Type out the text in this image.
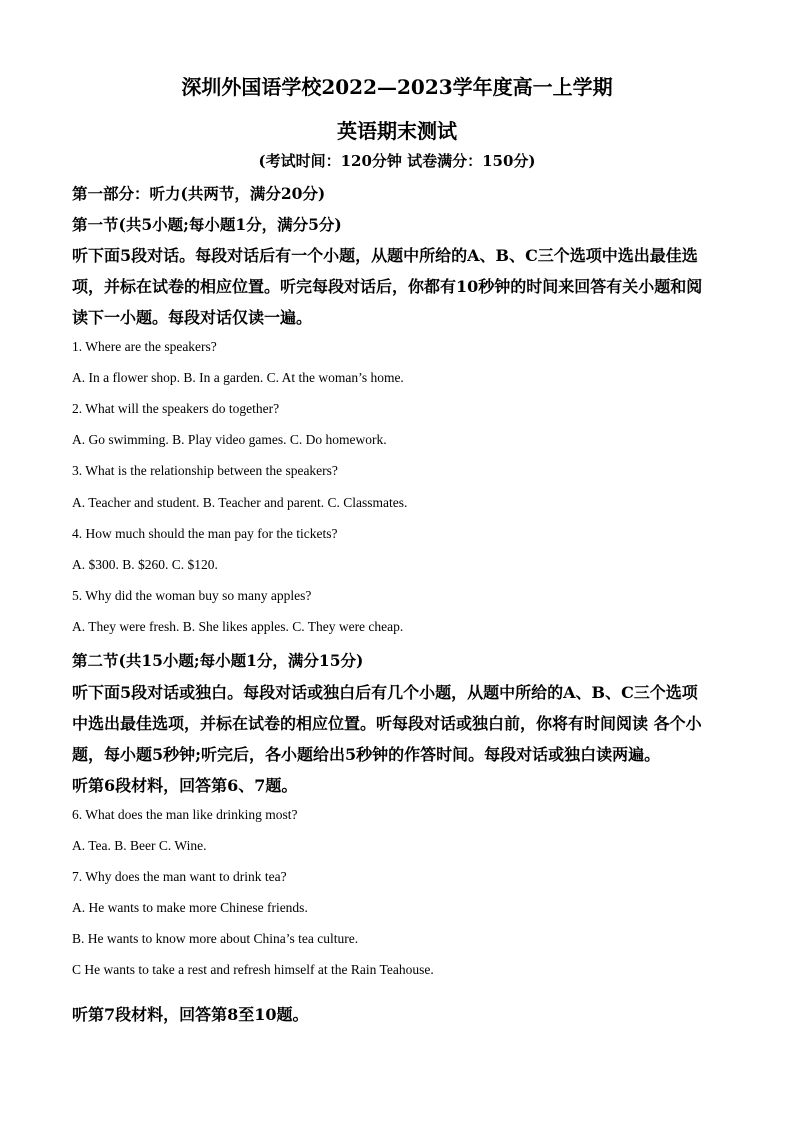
深圳外国语学校2022—2023学年度高一上学期
英语期末测试
(考试时间：120分钟 试卷满分：150分)
第一部分：听力(共两节，满分20分)
第一节(共5小题;每小题1分，满分5分)
听下面5段对话。每段对话后有一个小题，从题中所给的A、B、C三个选项中选出最佳选
项，并标在试卷的相应位置。听完每段对话后，你都有10秒钟的时间来回答有关小题和阅
读下一小题。每段对话仅读一遍。
1. Where are the speakers?
A. In a flower shop. B. In a garden. C. At the woman’s home.
2. What will the speakers do together?
A. Go swimming. B. Play video games. C. Do homework.
3. What is the relationship between the speakers?
A. Teacher and student. B. Teacher and parent. C. Classmates.
4. How much should the man pay for the tickets?
A. $300. B. $260. C. $120.
5. Why did the woman buy so many apples?
A. They were fresh. B. She likes apples. C. They were cheap.
第二节(共15小题;每小题1分，满分15分)
听下面5段对话或独白。每段对话或独白后有几个小题，从题中所给的A、B、C三个选项
中选出最佳选项，并标在试卷的相应位置。听每段对话或独白前，你将有时间阅读 各个小
题，每小题5秒钟;听完后，各小题给出5秒钟的作答时间。每段对话或独白读两遍。
听第6段材料，回答第6、7题。
6. What does the man like drinking most?
A. Tea. B. Beer C. Wine.
7. Why does the man want to drink tea?
A. He wants to make more Chinese friends.
B. He wants to know more about China’s tea culture.
C He wants to take a rest and refresh himself at the Rain Teahouse.
听第7段材料，回答第8至10题。
